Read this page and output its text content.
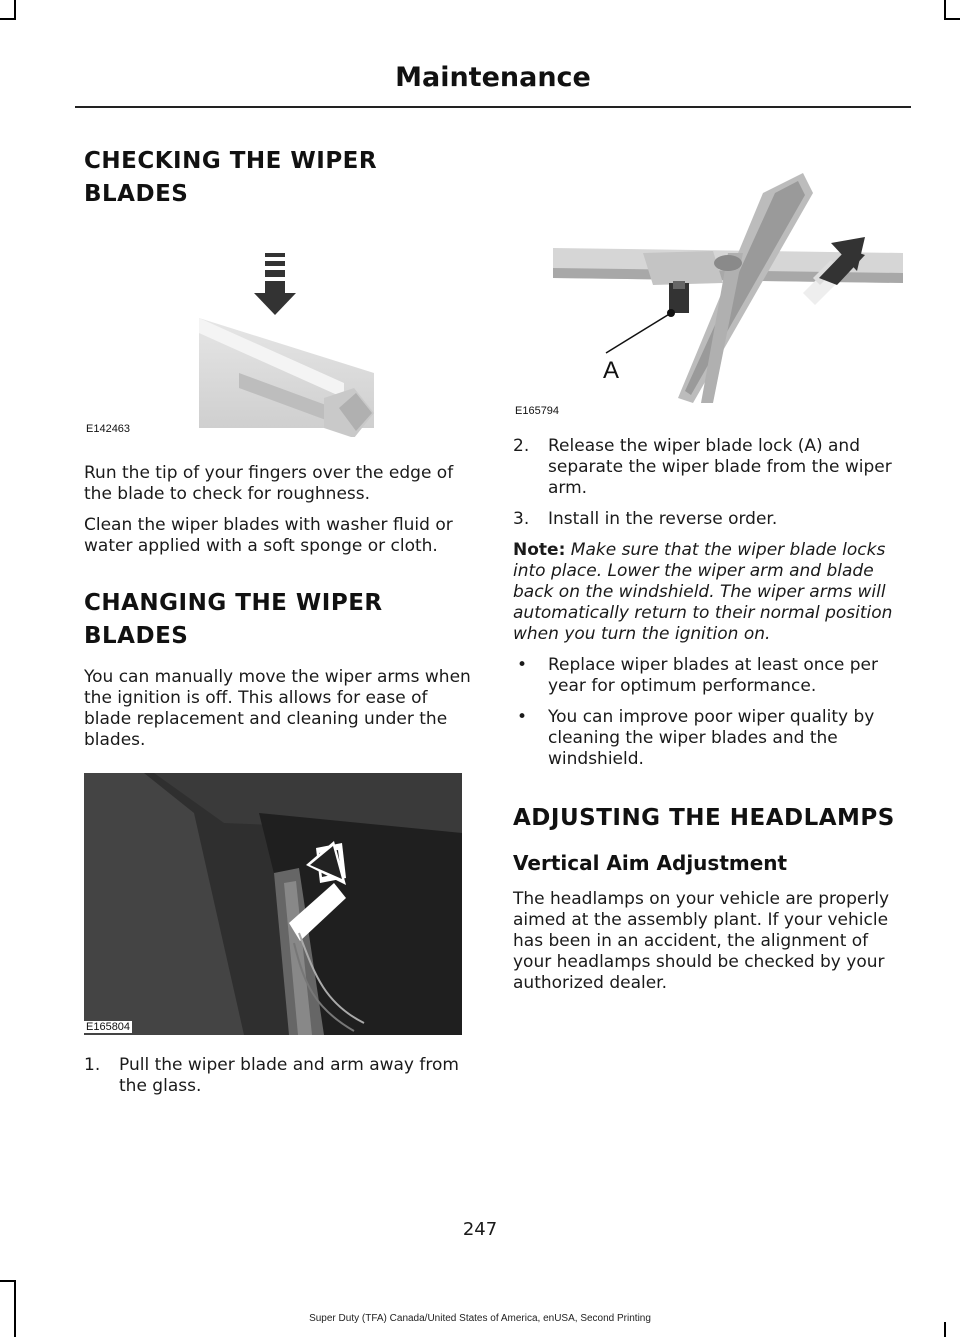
Maintenance
CHECKING THE WIPER
BLADES
E142463

Run the tip of your fingers over the edge of the blade to check for roughness.

Clean the wiper blades with washer fluid or water applied with a soft sponge or cloth.

CHANGING THE WIPER
BLADES

You can manually move the wiper arms when the ignition is off. This allows for ease of blade replacement and cleaning under the blades.

E165804
1.	Pull the wiper blade and arm away from the glass.
A
E165794
2.	Release the wiper blade lock (A) and separate the wiper blade from the wiper arm.
3.	Install in the reverse order.

Note: Make sure that the wiper blade locks into place. Lower the wiper arm and blade back on the windshield. The wiper arms will automatically return to their normal position when you turn the ignition on.

•	Replace wiper blades at least once per year for optimum performance.
•	You can improve poor wiper quality by cleaning the wiper blades and the windshield.
ADJUSTING THE HEADLAMPS
Vertical Aim Adjustment

The headlamps on your vehicle are properly aimed at the assembly plant. If your vehicle has been in an accident, the alignment of your headlamps should be checked by your authorized dealer.

247
Super Duty (TFA) Canada/United States of America, enUSA, Second Printing
